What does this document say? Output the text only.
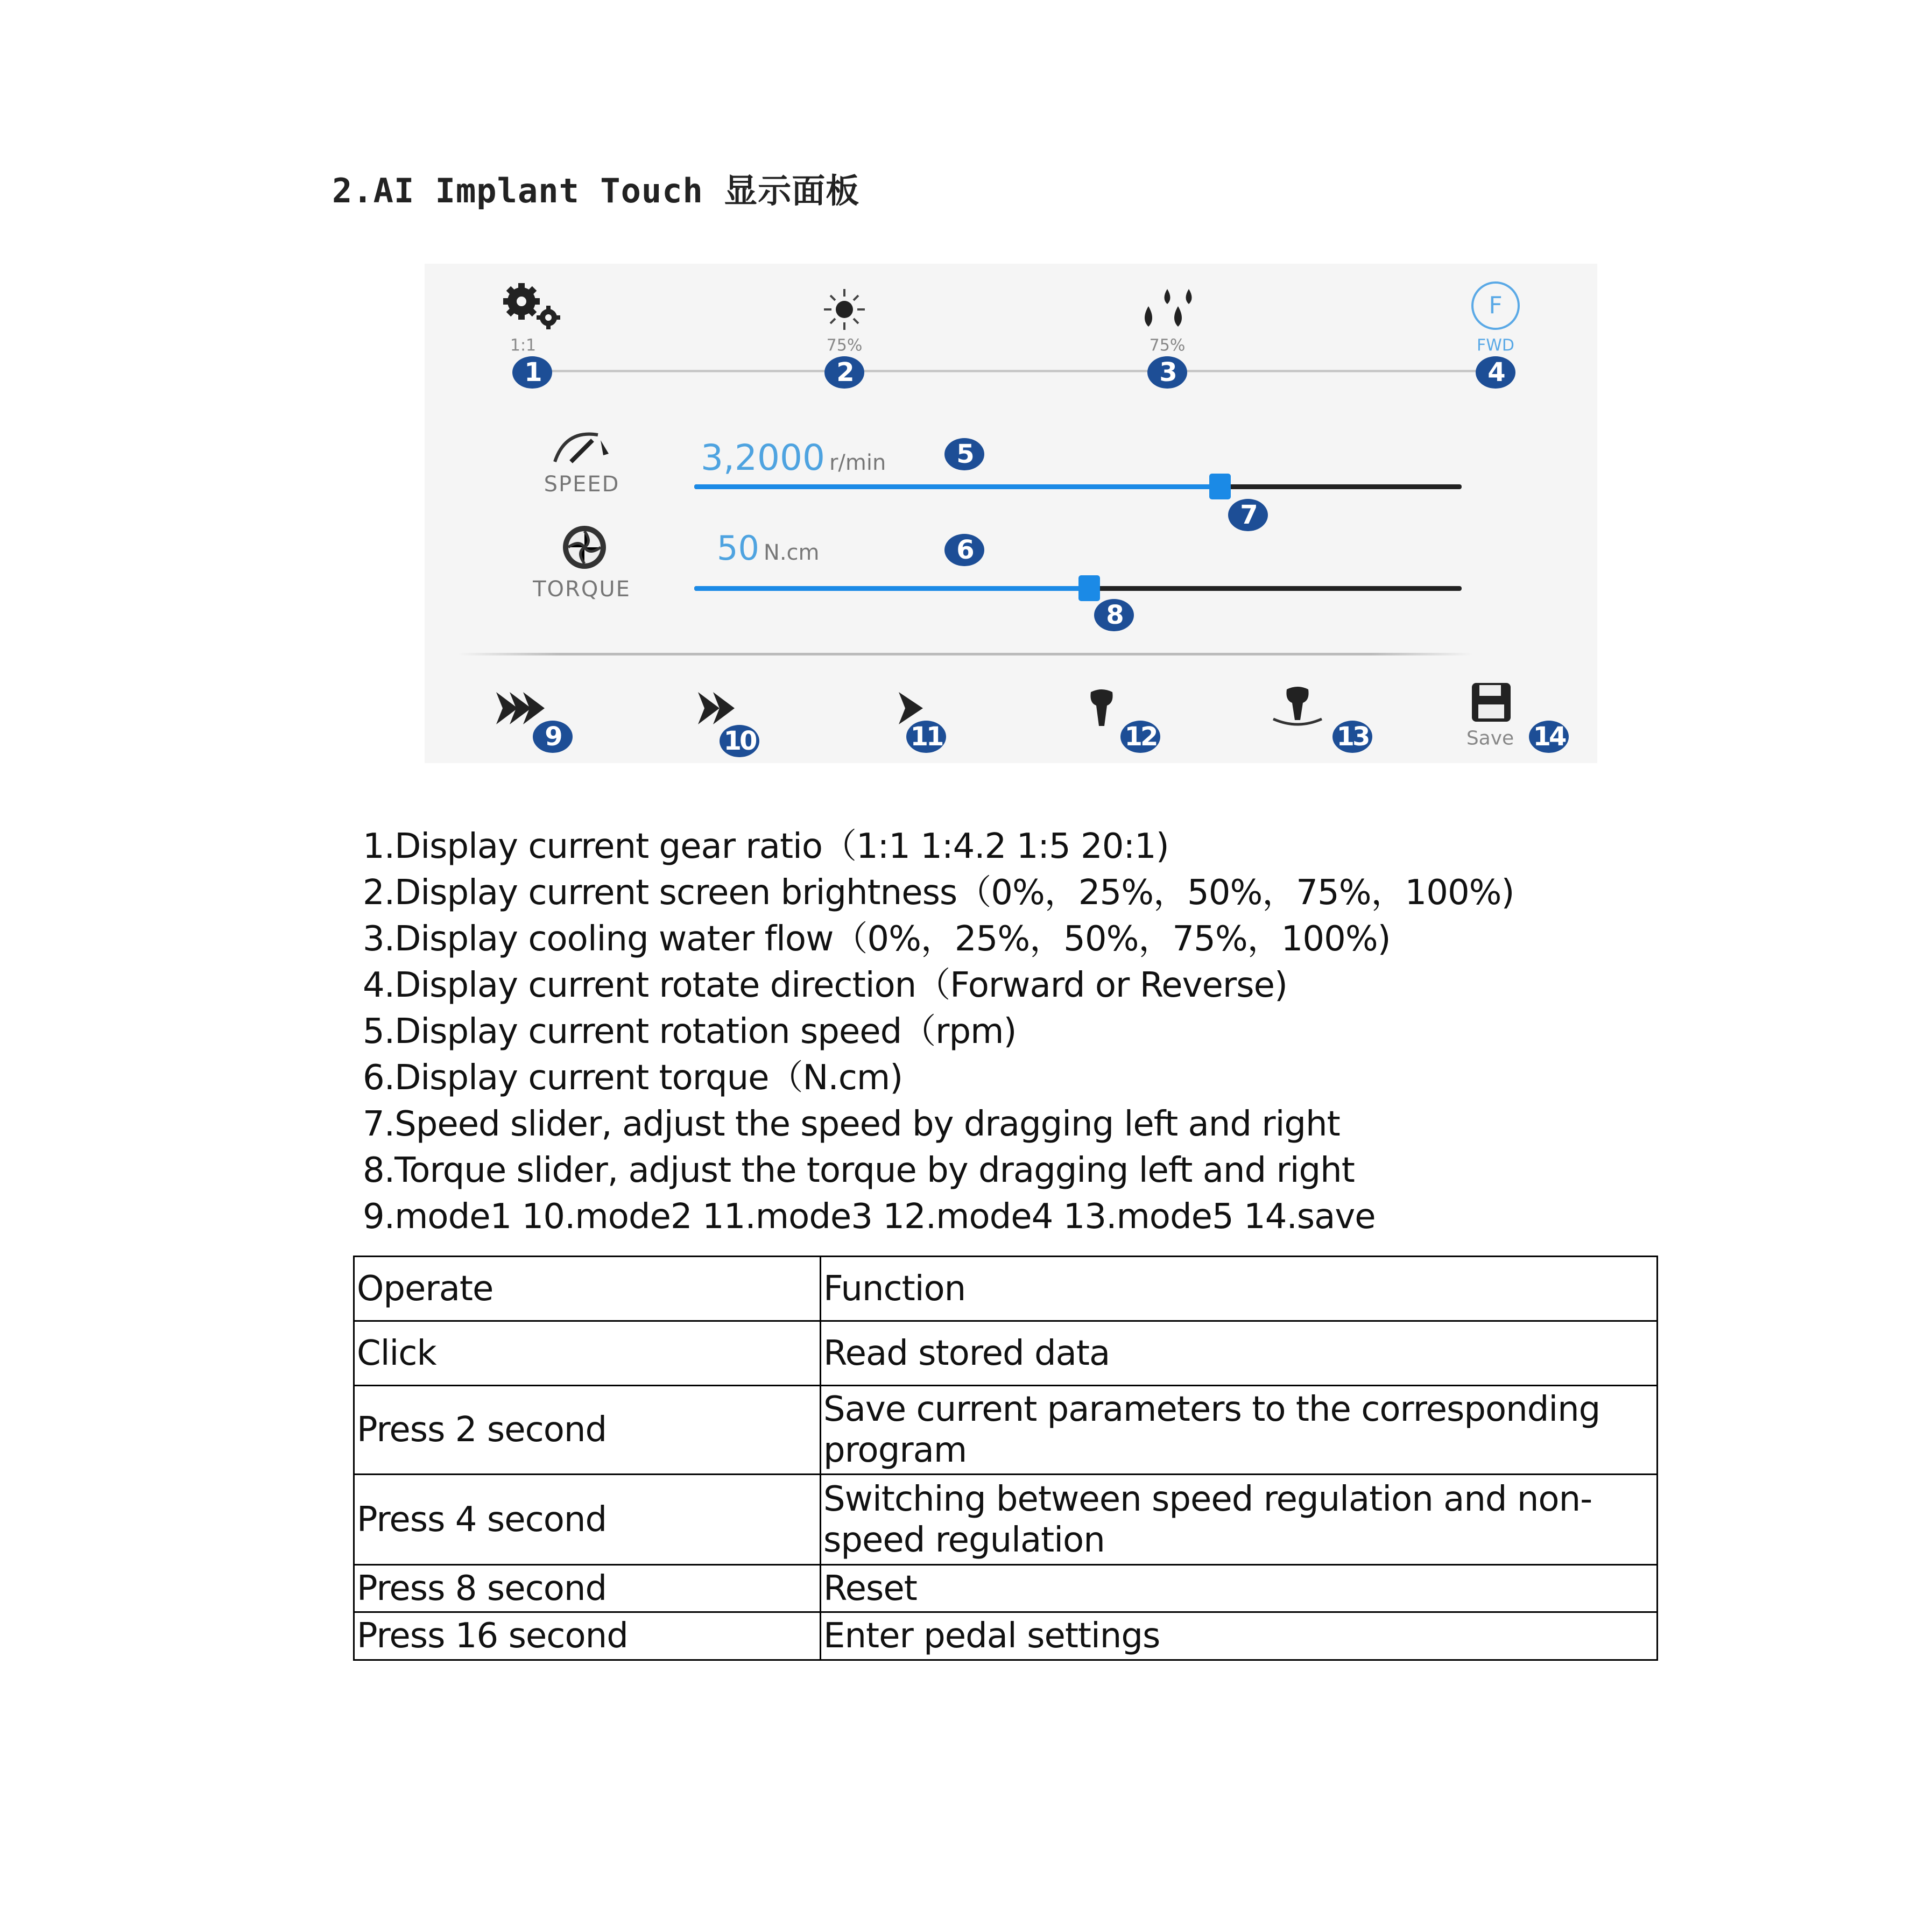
2.AI Implant Touch 显示面板
1:1
1
75%
2
75%
3
F
FWD
4
SPEED
3,2000 r/min	5
7
TORQUE
50 N.cm	6
8
9	10	11	12	13	Save 14
1.Display current gear ratio（1:1 1:4.2 1:5 20:1)
2.Display current screen brightness（0%，25%，50%，75%，100%)
3.Display cooling water flow（0%，25%，50%，75%，100%)
4.Display current rotate direction（Forward or Reverse)
5.Display current rotation speed（rpm)
6.Display current torque（N.cm)
7.Speed slider, adjust the speed by dragging left and right
8.Torque slider, adjust the torque by dragging left and right
9.mode1 10.mode2 11.mode3 12.mode4 13.mode5 14.save
Operate	Function
Click	Read stored data
Press 2 second	Save current parameters to the corresponding program
Press 4 second	Switching between speed regulation and non-speed regulation
Press 8 second	Reset
Press 16 second	Enter pedal settings
